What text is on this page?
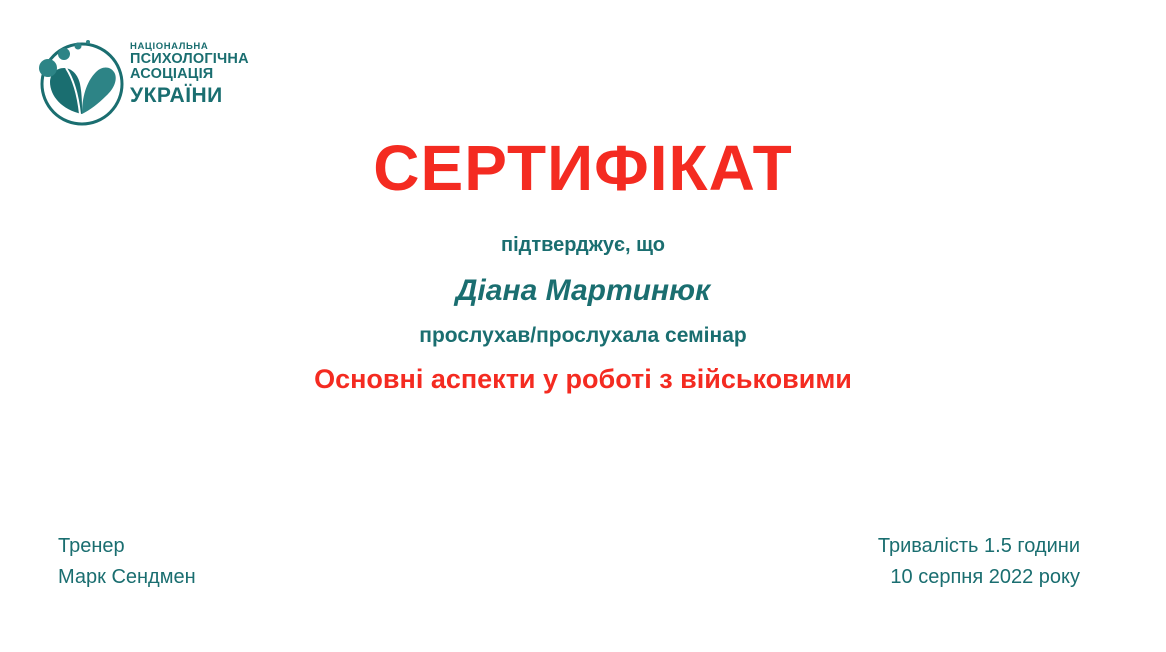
НАЦІОНАЛЬНА
ПСИХОЛОГІЧНА
АСОЦІАЦІЯ
УКРАЇНИ
СЕРТИФІКАТ
підтверджує, що
Діана Мартинюк
прослухав/прослухала семінар
Основні аспекти у роботі з військовими
Тренер
Марк Сендмен
Тривалість 1.5 години
10 серпня 2022 року
